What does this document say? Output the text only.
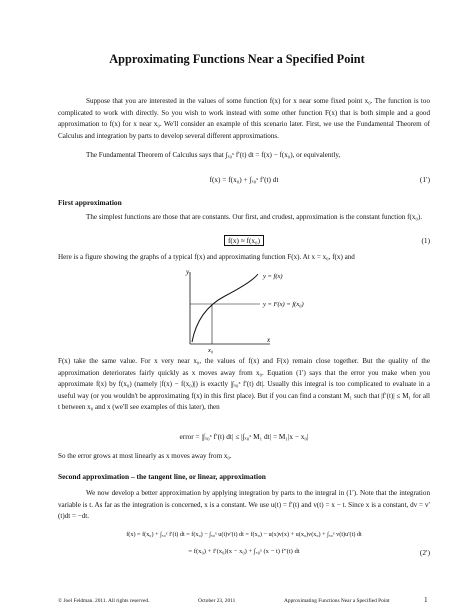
Approximating Functions Near a Specified Point
Suppose that you are interested in the values of some function f(x) for x near some fixed point x₀. The function is too complicated to work with directly. So you wish to work instead with some other function F(x) that is both simple and a good approximation to f(x) for x near x₀. We'll consider an example of this scenario later. First, we use the Fundamental Theorem of Calculus and integration by parts to develop several different approximations.
The Fundamental Theorem of Calculus says that ∫ₓ₀ˣ f′(t) dt = f(x) − f(x₀), or equivalently,
f(x) = f(x₀) + ∫ₓ₀ˣ f′(t) dt	(1′)
First approximation
The simplest functions are those that are constants. Our first, and crudest, approximation is the constant function f(x₀).
f(x) ≈ f(x₀)	(1)
Here is a figure showing the graphs of a typical f(x) and approximating function F(x). At x = x₀, f(x) and
y
x
x₀
y = f(x)
y = F(x) = f(x₀)
F(x) take the same value. For x very near x₀, the values of f(x) and F(x) remain close together. But the quality of the approximation deteriorates fairly quickly as x moves away from x₀. Equation (1′) says that the error you make when you approximate f(x) by f(x₀) (namely |f(x) − f(x₀)|) is exactly |∫ₓ₀ˣ f′(t) dt|. Usually this integral is too complicated to evaluate in a useful way (or you wouldn't be approximating f(x) in this first place). But if you can find a constant M₁ such that |f′(t)| ≤ M₁ for all t between x₀ and x (we'll see examples of this later), then
error = |∫ₓ₀ˣ f′(t) dt| ≤ |∫ₓ₀ˣ M₁ dt| = M₁|x − x₀|
So the error grows at most linearly as x moves away from x₀.
Second approximation – the tangent line, or linear, approximation
We now develop a better approximation by applying integration by parts to the integral in (1′). Note that the integration variable is t. As far as the integration is concerned, x is a constant. We use u(t) = f′(t) and v(t) = x − t. Since x is a constant, dv = v′(t)dt = −dt.
f(x) = f(x₀) + ∫ₓ₀ˣ f′(t) dt = f(x₀) − ∫ₓ₀ˣ u(t)v′(t) dt = f(x₀) − u(x)v(x) + u(x₀)v(x₀) + ∫ₓ₀ˣ v(t)u′(t) dt
= f(x₀) + f′(x₀)(x − x₀) + ∫ₓ₀ˣ (x − t) f″(t) dt	(2′)
© Joel Feldman. 2011. All rights reserved.	October 23, 2011	Approximating Functions Near a Specified Point	1
